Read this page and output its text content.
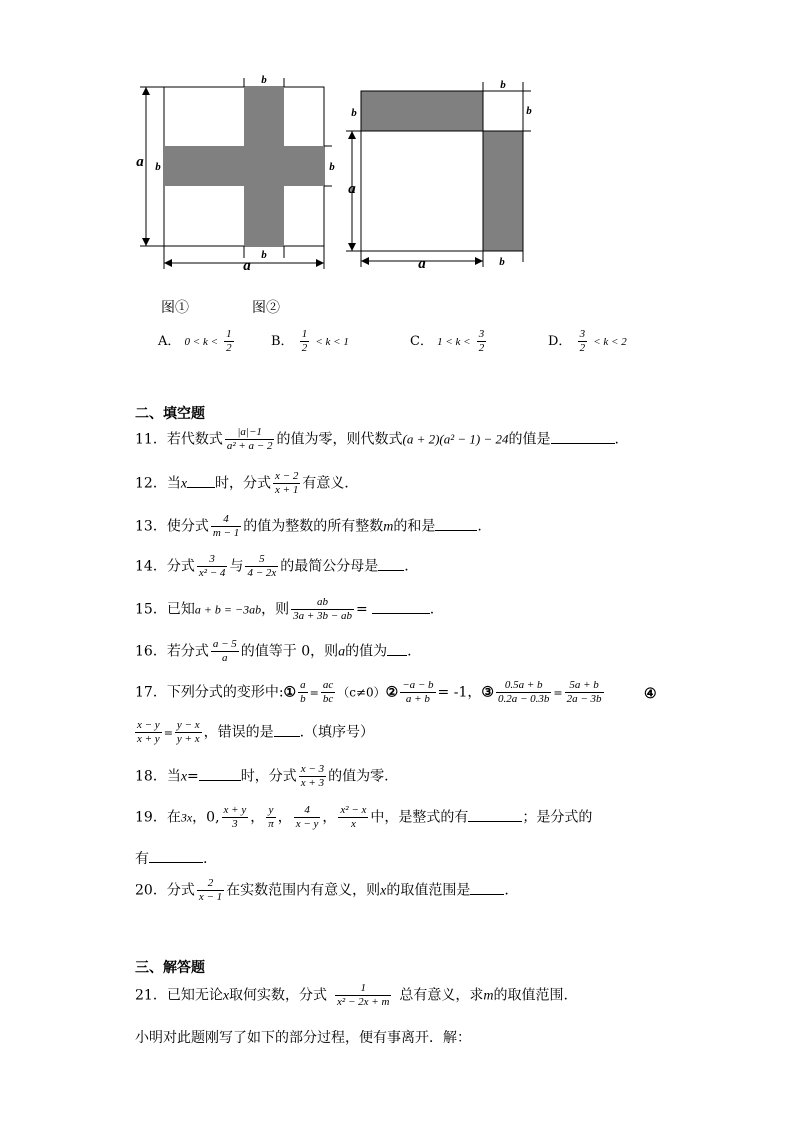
a
a
b
b	b
b
a
a
b
b
b
b
图①	图②
A． $0 < k < \frac{1}{2}$	B． $\frac{1}{2} < k < 1$	C． $1 < k < \frac{3}{2}$	D． $\frac{3}{2} < k < 2$
二、填空题
11．若代数式 $\frac{|a|-1}{\text{a² + a − 2}}$ 的值为零，则代数式(a + 2)(a² − 1) − 24的值是	.
12．当x 时，分式 $\frac{x - 2}{x + 1}$ 有意义．
13．使分式 $\frac{4}{m - 1}$ 的值为整数的所有整数m的和是	.
14．分式 $\frac{3}{\text{x² − 4}}$ 与 $\frac{5}{4 - 2x}$ 的最简公分母是 .
15．已知a + b = −3ab，则 $\frac{ab}{3a + 3b - ab}$ =	.
16．若分式 $\frac{a - 5}{a}$ 的值等于 0，则a的值为 .
17．下列分式的变形中:① $\frac{a}{b} = \frac{ac}{bc}$ （c≠0）② $\frac{-a - b}{a + b} = -1$，③ $\frac{0.5a + b}{0.2a - 0.3b} = \frac{5a + b}{2a - 3b}$	④
$\frac{x - y}{x + y} = \frac{y - x}{y + x}$ ，错误的是 .（填序号）
18．当x=	时，分式 $\frac{x - 3}{x + 3}$ 的值为零.
19．在3x，0, $\frac{x + y}{3}$ ， $\frac{y}{\pi}$ ， $\frac{4}{x - y}$ ， $\frac{\text{x² − x}}{x}$ 中，是整式的有	；是分式的
有	.
20．分式 $\frac{2}{x - 1}$ 在实数范围内有意义，则x的取值范围是 .
三、解答题
21．已知无论x取何实数，分式 $\frac{1}{\text{x² − 2x + m}}$ 总有意义，求m的取值范围.
小明对此题刚写了如下的部分过程，便有事离开．解：
